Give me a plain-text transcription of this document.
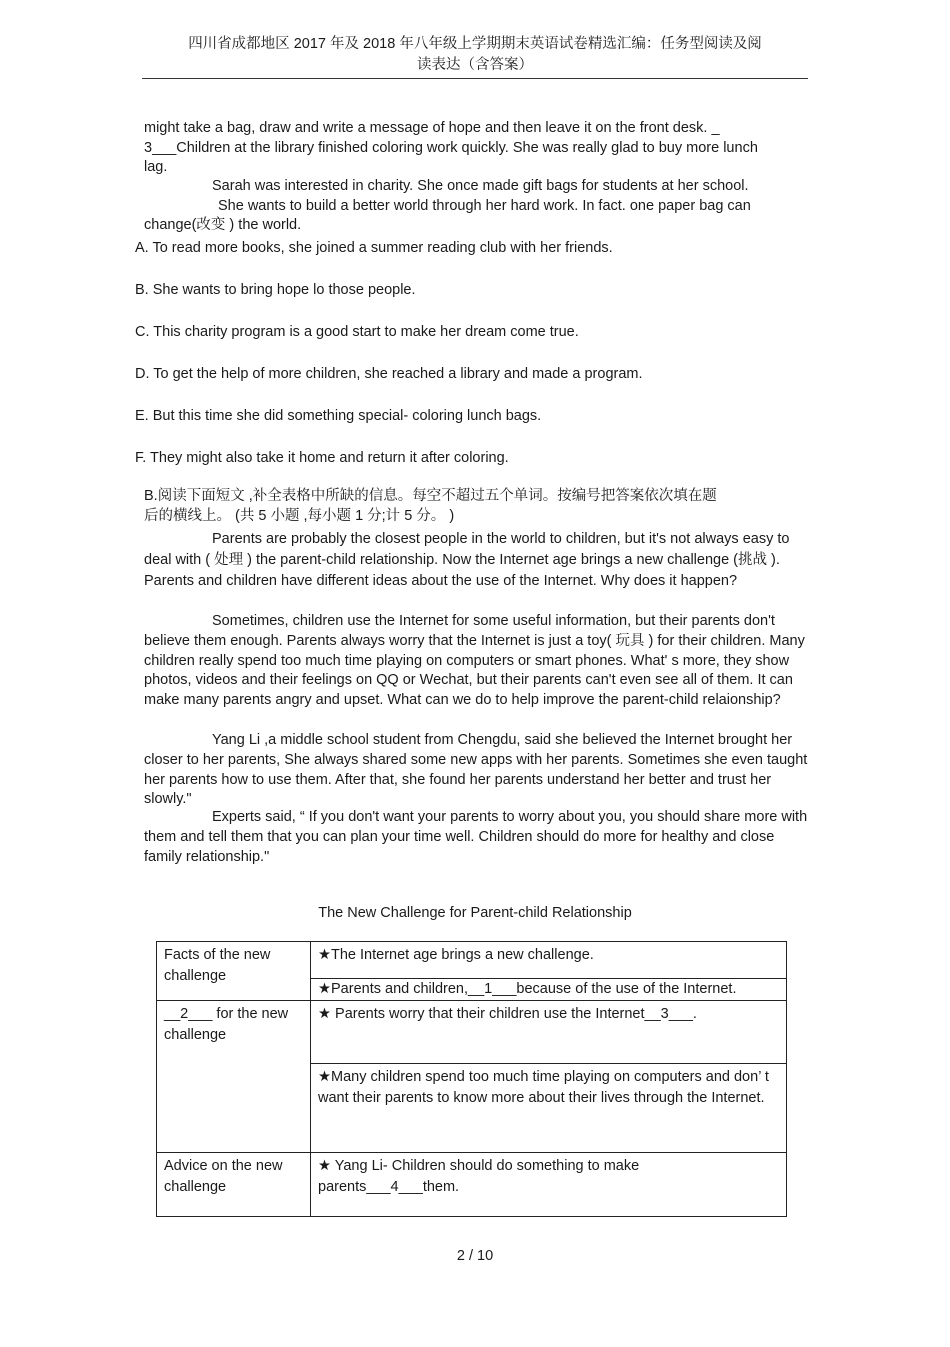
四川省成都地区 2017 年及 2018 年八年级上学期期末英语试卷精选汇编：任务型阅读及阅
读表达（含答案）
might take a bag, draw and write a message of hope and then leave it on the front desk. _
3___Children at the library finished coloring work quickly. She was really glad to buy more lunch
lag.
Sarah was interested in charity. She once made gift bags for students at her school.
She wants to build a better world through her hard work. In fact. one paper bag can
change(改变 ) the world.
A. To read more books, she joined a summer reading club with her friends.
B. She wants to bring hope lo those people.
C. This charity program is a good start to make her dream come true.
D. To get the help of more children, she reached a library and made a program.
E. But this time she did something special- coloring lunch bags.
F. They might also take it home and return it after coloring.
B.阅读下面短文 ,补全表格中所缺的信息。每空不超过五个单词。按编号把答案依次填在题
后的横线上。 (共 5 小题 ,每小题 1 分;计 5 分。 )

Parents are probably the closest people in the world to children, but it's not always easy to deal with ( 处理 ) the parent-child relationship. Now the Internet age brings a new challenge (挑战 ). Parents and children have different ideas about the use of the Internet. Why does it happen?

Sometimes, children use the Internet for some useful information, but their parents don't believe them enough. Parents always worry that the Internet is just a toy( 玩具 ) for their children. Many children really spend too much time playing on computers or smart phones. What' s more, they show photos, videos and their feelings on QQ or Wechat, but their parents can't even see all of them. It can make many parents angry and upset. What can we do to help improve the parent-child relaionship?

Yang Li ,a middle school student from Chengdu, said she believed the Internet brought her closer to her parents, She always shared some new apps with her parents. Sometimes she even taught her parents how to use them. After that, she found her parents understand her better and trust her slowly."

Experts said, “ If you don't want your parents to worry about you, you should share more with them and tell them that you can plan your time well. Children should do more for healthy and close family relationship."

The New Challenge for Parent-child Relationship
Facts of the new challenge	★The Internet age brings a new challenge.
	★Parents and children,__1___because of the use of the Internet.
__2___ for the new challenge	★ Parents worry that their children use the Internet__3___.
	★Many children spend too much time playing on computers and don’ t want their parents to know more about their lives through the Internet.
Advice on the new challenge	★ Yang Li- Children should do something to make parents___4___them.
2 / 10
